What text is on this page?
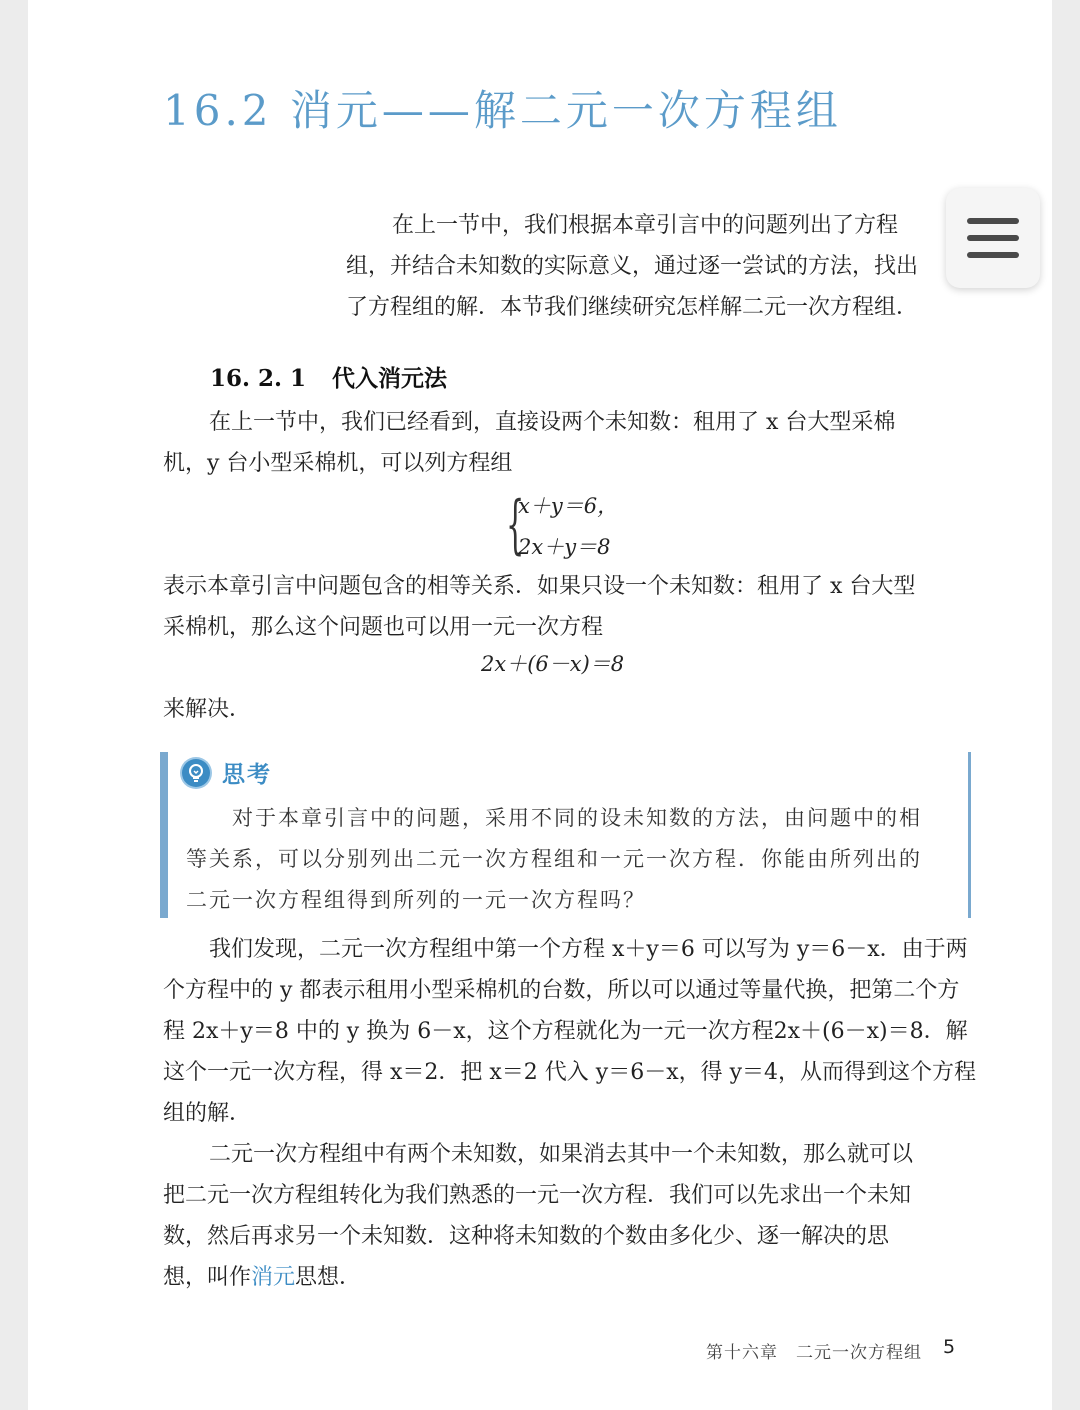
16.2 消元——解二元一次方程组

在上一节中，我们根据本章引言中的问题列出了方程

组，并结合未知数的实际意义，通过逐一尝试的方法，找出

了方程组的解．本节我们继续研究怎样解二元一次方程组．

16. 2. 1 代入消元法

在上一节中，我们已经看到，直接设两个未知数：租用了 x 台大型采棉

机，y 台小型采棉机，可以列方程组

{
x＋y＝6，
2x＋y＝8

表示本章引言中问题包含的相等关系．如果只设一个未知数：租用了 x 台大型

采棉机，那么这个问题也可以用一元一次方程

2x＋(6－x)＝8

来解决．

思考

对于本章引言中的问题，采用不同的设未知数的方法，由问题中的相

等关系，可以分别列出二元一次方程组和一元一次方程．你能由所列出的

二元一次方程组得到所列的一元一次方程吗？

我们发现，二元一次方程组中第一个方程 x＋y＝6 可以写为 y＝6－x．由于两

个方程中的 y 都表示租用小型采棉机的台数，所以可以通过等量代换，把第二个方

程 2x＋y＝8 中的 y 换为 6－x，这个方程就化为一元一次方程2x＋(6－x)＝8．解

这个一元一次方程，得 x＝2．把 x＝2 代入 y＝6－x，得 y＝4，从而得到这个方程

组的解．

二元一次方程组中有两个未知数，如果消去其中一个未知数，那么就可以

把二元一次方程组转化为我们熟悉的一元一次方程．我们可以先求出一个未知

数，然后再求另一个未知数．这种将未知数的个数由多化少、逐一解决的思

想，叫作消元思想．

第十六章　二元一次方程组 5
